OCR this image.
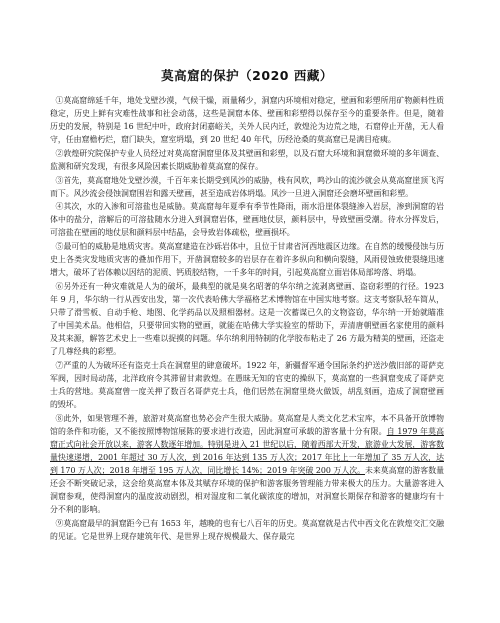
莫高窟的保护（2020 西藏）

①莫高窟绵延千年，地处戈壁沙漠，气候干燥，雨量稀少，洞窟内环境相对稳定，壁画和彩塑所用矿物颜料性质稳定，历史上鲜有灾难性战事和社会动荡，这些是洞窟本体、壁画和彩塑得以保存至今的重要条件。但是，随着历史的发展，特别是 16 世纪中叶，政府封闭嘉峪关，关外人民内迁，敦煌沦为边荒之地，石窟停止开凿，无人看守，任由窟檐朽烂，窟门缺失，窟室坍塌，到 20 世纪 40 年代，历经沧桑的莫高窟已是满目疮痍。

②敦煌研究院保护专业人员经过对莫高窟洞窟里体及其壁画和彩塑，以及石窟大环境和洞窟微环境的多年调查、监测和研究发现，有很多风险因素长期威胁着莫高窟的保存。

③首先，莫高窟地处戈壁沙漠，千百年来长期受到风沙的威胁，栈有风吹，鸣沙山的流沙就会从莫高窟崖顶飞泻而下。风沙流会侵蚀洞窟围岩和露天壁画，甚至造成岩体坍塌。风沙一旦进入洞窟还会磨坏壁画和彩塑。

④其次，水的入渗和可溶盐也是威胁。莫高窟每年夏季有季节性降雨，雨水沿崖体裂缝渗入岩层，渗到洞窟的岩体中的盐分，溶解后的可溶盐随水分进入到洞窟岩体，壁画地仗层，颜料层中，导致壁画受潮。待水分挥发后，可溶盐在壁画的地仗层和颜料层中结晶，会导致岩体疏松，壁画损坏。

⑤最可怕的威胁是地质灾害。莫高窟建造在沙砾岩体中，且位于甘肃省河西地震区边缘。在自然的缓慢侵蚀与历史上各类灾发地质灾害的叠加作用下，开凿洞窟较多的岩层存在着许多纵向和横向裂缝，风雨侵蚀致使裂缝迅速增大，破坏了岩体赖以因结的泥质、钙质胶结物，一千多年的时间，引起莫高窟立面岩体局部垮落、坍塌。

⑥另外还有一种灾难就是人为的破坏，最典型的就是臭名昭著的华尔纳之流剥离壁画、盗窃彩塑的行径。1923 年 9 月，华尔纳一行从西安出发，第一次代表哈佛大学福格艺术博物馆在中国实地考察。这支考察队轻车简从，只带了滑雪板、自动手枪、地图、化学药品以及照相器材。这是一次蓄谋已久的文物盗窃，华尔纳一开始就瞄准了中国美术品。他相信，只要带回实物的壁画，就能在哈佛大学实验室的帮助下，弄清唐朝壁画名家使用的颜料及其来源，解答艺术史上一些难以捉摸的问题。华尔纳利用特制的化学胶布粘走了 26 方最为精美的壁画，还盗走了几尊经典的彩塑。

⑦严重的人为破坏还有盗克士兵在洞窟里的肆意破坏。1922 年，新疆督军通令国际条约护送沙俄旧部的哥萨克军阀，因时局动荡，北洋政府令其滞留甘肃敦煌。在愚昧无知的官吏的操纵下，莫高窟的一些洞窟变成了哥萨克士兵的营地。莫高窟曾一度关押了数百名哥萨克士兵，他们居然在洞窟里烧火做饭，胡乱刻画，造成了洞窟壁画的毁坏。

⑧此外，如果管理不善，旅游对莫高窟也势必会产生很大威胁。莫高窟是人类文化艺术宝库，本不具备开放博物馆的条件和功能，又不能按照博物馆展陈的要求进行改造，因此洞窟可承载的游客量十分有限。自 1979 年莫高窟正式向社会开放以来，游客人数逐年增加。特别是进入 21 世纪以后，随着西部大开发，旅游业大发展，游客数量快速递增，2001 年超过 30 万人次，到 2016 年达到 135 万人次；2017 年比上一年增加了 35 万人次，达到 170 万人次；2018 年增至 195 万人次，同比增长 14%；2019 年突破 200 万人次。未来莫高窟的游客数量还会不断突破记录，这会给莫高窟本体及其赋存环境的保护和游客服务管理能力带来极大的压力。大量游客进入洞窟参观，使得洞窟内的温度波动剧烈，相对湿度和二氧化碳浓度的增加，对洞窟长期保存和游客的健康均有十分不利的影响。

⑨莫高窟最早的洞窟距今已有 1653 年，越晚的也有七八百年的历史。莫高窟就是古代中西文化在敦煌交汇交融的见证。它是世界上现存建筑年代、是世界上现存规模最大、保存最完
